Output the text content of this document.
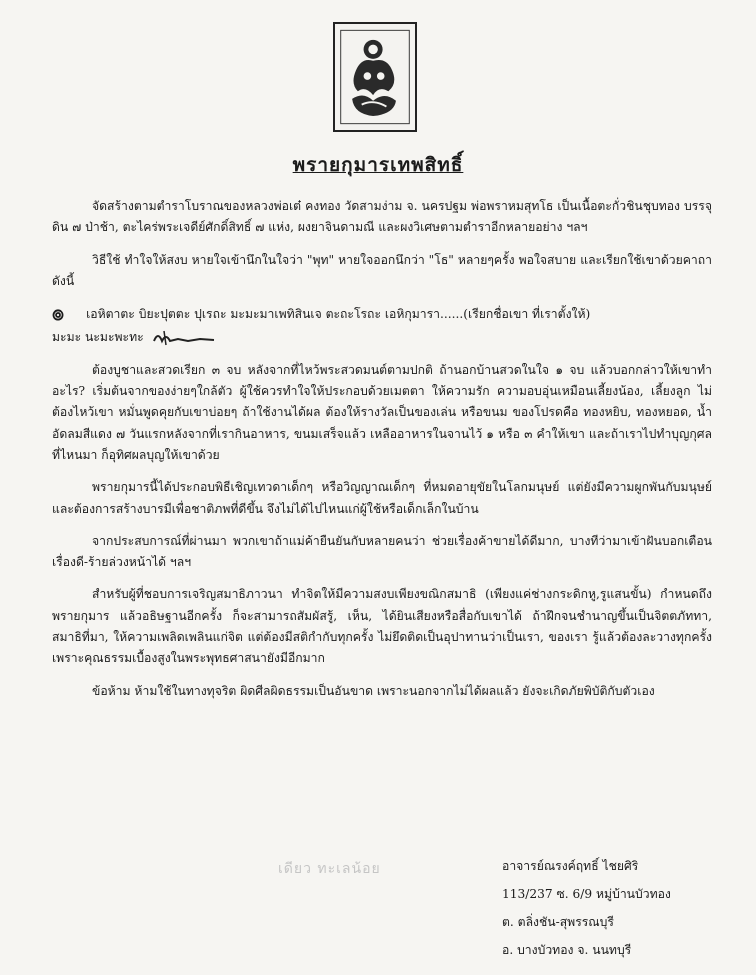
พรายกุมารเทพสิทธิ์

จัดสร้างตามตำราโบราณของหลวงพ่อเต๋ คงทอง วัดสามง่าม จ. นครปฐม พ่อพราหมสุทโธ เป็นเนื้อตะกั่วชินชุบทอง บรรจุดิน ๗ ป่าช้า, ตะไคร่พระเจดีย์ศักดิ์สิทธิ์ ๗ แห่ง, ผงยาจินดามณี และผงวิเศษตามตำราอีกหลายอย่าง ฯลฯ

วิธีใช้ ทำใจให้สงบ หายใจเข้านึกในใจว่า "พุท" หายใจออกนึกว่า "โธ" หลายๆครั้ง พอใจสบาย และเรียกใช้เขาด้วยคาถาดังนี้

๏ เอหิตาตะ บิยะปุตตะ ปุเรถะ มะมะมาเพทิสินเจ ตะถะโรถะ เอหิกุมารา......(เรียกชื่อเขา ที่เราตั้งให้)

มะมะ นะมะพะทะ

ต้องบูชาและสวดเรียก ๓ จบ หลังจากที่ไหว้พระสวดมนต์ตามปกติ ถ้านอกบ้านสวดในใจ ๑ จบ แล้วบอกกล่าวให้เขาทำอะไร? เริ่มต้นจากของง่ายๆใกล้ตัว ผู้ใช้ควรทำใจให้ประกอบด้วยเมตตา ให้ความรัก ความอบอุ่นเหมือนเลี้ยงน้อง, เลี้ยงลูก ไม่ต้องไหว้เขา หมั่นพูดคุยกับเขาบ่อยๆ ถ้าใช้งานได้ผล ต้องให้รางวัลเป็นของเล่น หรือขนม ของโปรดคือ ทองหยิบ, ทองหยอด, น้ำอัดลมสีแดง ๗ วันแรกหลังจากที่เรากินอาหาร, ขนมเสร็จแล้ว เหลืออาหารในจานไว้ ๑ หรือ ๓ คำให้เขา และถ้าเราไปทำบุญกุศลที่ไหนมา ก็อุทิศผลบุญให้เขาด้วย

พรายกุมารนี้ได้ประกอบพิธีเชิญเทวดาเด็กๆ หรือวิญญาณเด็กๆ ที่หมดอายุขัยในโลกมนุษย์ แต่ยังมีความผูกพันกับมนุษย์และต้องการสร้างบารมีเพื่อชาติภพที่ดีขึ้น จึงไม่ได้ไปไหนแก่ผู้ใช้หรือเด็กเล็กในบ้าน

จากประสบการณ์ที่ผ่านมา พวกเขาถ้าแม่ค้ายืนยันกับหลายคนว่า ช่วยเรื่องค้าขายได้ดีมาก, บางทีว่ามาเข้าฝันบอกเตือนเรื่องดี-ร้ายล่วงหน้าได้ ฯลฯ

สำหรับผู้ที่ชอบการเจริญสมาธิภาวนา ทำจิตให้มีความสงบเพียงขณิกสมาธิ (เพียงแค่ช่างกระดิกหู,รูแสนขั้น) กำหนดถึงพรายกุมาร แล้วอธิษฐานอีกครั้ง ก็จะสามารถสัมผัสรู้, เห็น, ได้ยินเสียงหรือสื่อกับเขาได้ ถ้าฝึกจนชำนาญขึ้นเป็นจิตตภัททา, สมาธิที่มา, ให้ความเพลิดเพลินแก่จิต แต่ต้องมีสติกำกับทุกครั้ง ไม่ยึดติดเป็นอุปาทานว่าเป็นเรา, ของเรา รู้แล้วต้องละวางทุกครั้ง เพราะคุณธรรมเบื้องสูงในพระพุทธศาสนายังมีอีกมาก

ข้อห้าม ห้ามใช้ในทางทุจริต ผิดศีลผิดธรรมเป็นอันขาด เพราะนอกจากไม่ได้ผลแล้ว ยังจะเกิดภัยพิบัติกับตัวเอง

เดียว ทะเลน้อย	อาจารย์ณรงค์ฤทธิ์ ไชยศิริ
113/237 ซ. 6/9 หมู่บ้านบัวทอง
ต. ตลิ่งชัน-สุพรรณบุรี
อ. บางบัวทอง จ. นนทบุรี
